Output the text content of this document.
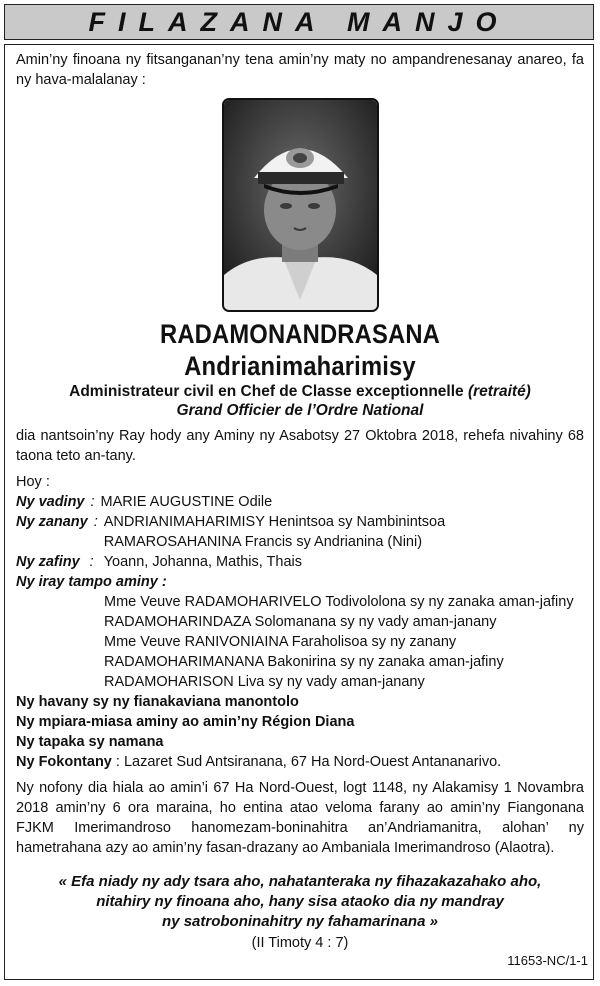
FILAZANA MANJO
Amin’ny finoana ny fitsanganan’ny tena amin’ny maty no ampandrenesanay anareo, fa ny hava-malalanay :
RADAMONANDRASANA Andrianimaharimisy
Administrateur civil en Chef de Classe exceptionnelle (retraité)
Grand Officier de l’Ordre National
dia nantsoin’ny Ray hody any Aminy ny Asabotsy 27 Oktobra 2018, rehefa nivahiny 68 taona teto an-tany.
Hoy :
Ny vadiny : MARIE AUGUSTINE Odile
Ny zanany : ANDRIANIMAHARIMISY Henintsoa sy Nambinintsoa
RAMAROSAHANINA Francis sy Andrianina (Nini)
Ny zafiny : Yoann, Johanna, Mathis, Thais
Ny iray tampo aminy :
Mme Veuve RADAMOHARIVELO Todivololona sy ny zanaka aman-jafiny
RADAMOHARINDAZA Solomanana sy ny vady aman-janany
Mme Veuve RANIVONIAINA Faraholisoa sy ny zanany
RADAMOHARIMANANA Bakonirina sy ny zanaka aman-jafiny
RADAMOHARISON Liva sy ny vady aman-janany
Ny havany sy ny fianakaviana manontolo
Ny mpiara-miasa aminy ao amin’ny Région Diana
Ny tapaka sy namana
Ny Fokontany : Lazaret Sud Antsiranana, 67 Ha Nord-Ouest Antananarivo.
Ny nofony dia hiala ao amin’i 67 Ha Nord-Ouest, logt 1148, ny Alakamisy 1 Novambra 2018 amin’ny 6 ora maraina, ho entina atao veloma farany ao amin’ny Fiangonana FJKM Imerimandroso hanomezam-boninahitra an’Andriamanitra, alohan’ ny hametrahana azy ao amin’ny fasan-drazany ao Ambaniala Imerimandroso (Alaotra).
« Efa niady ny ady tsara aho, nahatanteraka ny fihazakazahako aho,
nitahiry ny finoana aho, hany sisa ataoko dia ny mandray
ny satroboninahitry ny fahamarinana »
(II Timoty 4 : 7)
11653-NC/1-1
